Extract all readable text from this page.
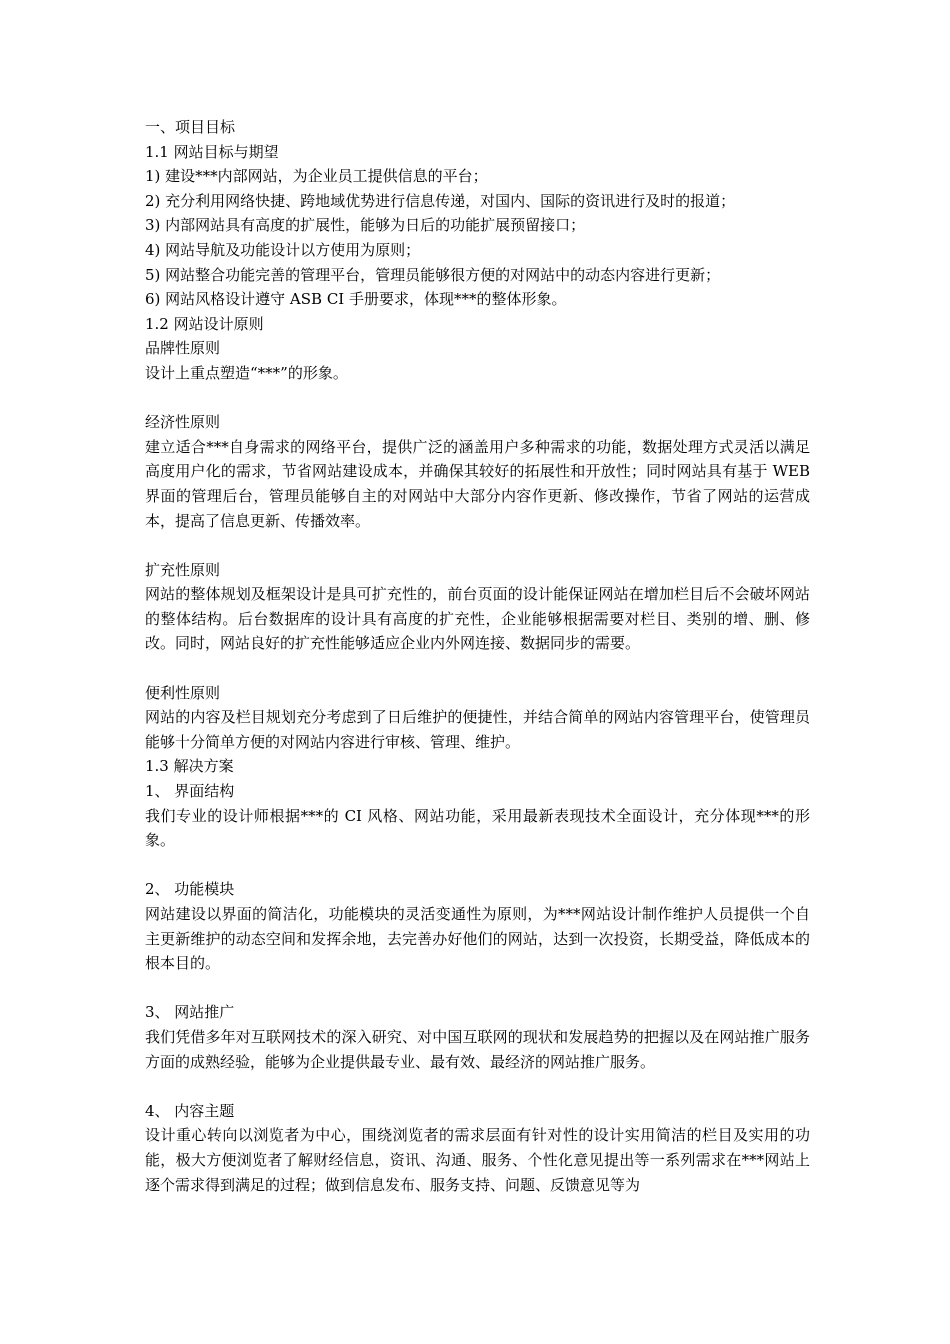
一、项目目标
1.1 网站目标与期望
1) 建设***内部网站，为企业员工提供信息的平台；
2) 充分利用网络快捷、跨地域优势进行信息传递，对国内、国际的资讯进行及时的报道；
3) 内部网站具有高度的扩展性，能够为日后的功能扩展预留接口；
4) 网站导航及功能设计以方使用为原则；
5) 网站整合功能完善的管理平台，管理员能够很方便的对网站中的动态内容进行更新；
6) 网站风格设计遵守 ASB CI 手册要求，体现***的整体形象。
1.2 网站设计原则
品牌性原则
设计上重点塑造“***”的形象。
经济性原则
建立适合***自身需求的网络平台，提供广泛的涵盖用户多种需求的功能，数据处理方式灵活以满足高度用户化的需求，节省网站建设成本，并确保其较好的拓展性和开放性；同时网站具有基于 WEB 界面的管理后台，管理员能够自主的对网站中大部分内容作更新、修改操作，节省了网站的运营成本，提高了信息更新、传播效率。
扩充性原则
网站的整体规划及框架设计是具可扩充性的，前台页面的设计能保证网站在增加栏目后不会破坏网站的整体结构。后台数据库的设计具有高度的扩充性，企业能够根据需要对栏目、类别的增、删、修改。同时，网站良好的扩充性能够适应企业内外网连接、数据同步的需要。
便利性原则
网站的内容及栏目规划充分考虑到了日后维护的便捷性，并结合简单的网站内容管理平台，使管理员能够十分简单方便的对网站内容进行审核、管理、维护。
1.3 解决方案
1、 界面结构
我们专业的设计师根据***的 CI 风格、网站功能，采用最新表现技术全面设计，充分体现***的形象。
2、 功能模块
网站建设以界面的简洁化，功能模块的灵活变通性为原则，为***网站设计制作维护人员提供一个自主更新维护的动态空间和发挥余地，去完善办好他们的网站，达到一次投资，长期受益，降低成本的根本目的。
3、 网站推广
我们凭借多年对互联网技术的深入研究、对中国互联网的现状和发展趋势的把握以及在网站推广服务方面的成熟经验，能够为企业提供最专业、最有效、最经济的网站推广服务。
4、 内容主题
设计重心转向以浏览者为中心，围绕浏览者的需求层面有针对性的设计实用简洁的栏目及实用的功能，极大方便浏览者了解财经信息，资讯、沟通、服务、个性化意见提出等一系列需求在***网站上逐个需求得到满足的过程；做到信息发布、服务支持、问题、反馈意见等为
